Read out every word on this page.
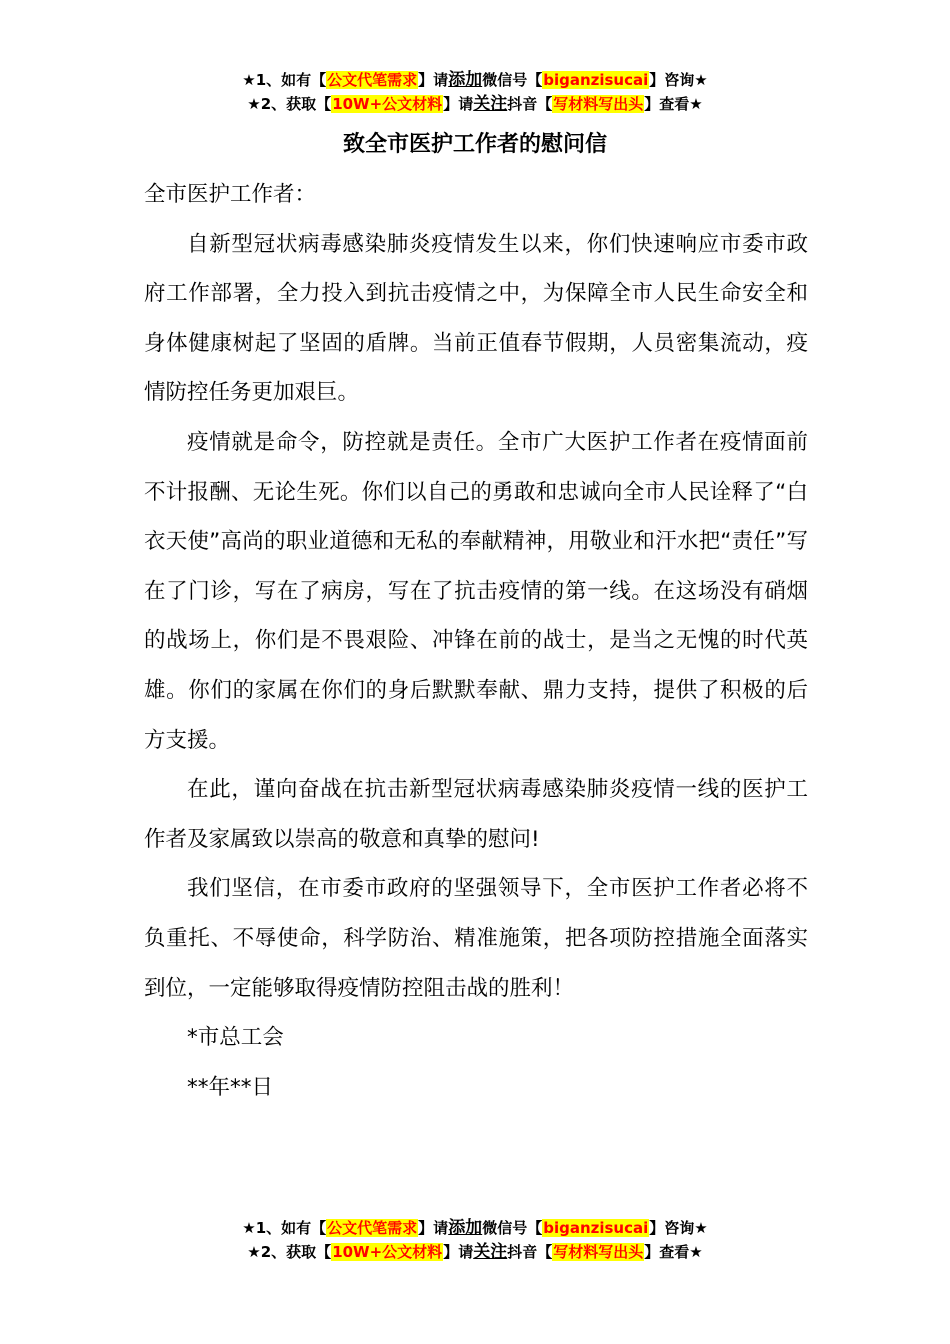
★1、如有【公文代笔需求】请添加微信号【biganzisucai】咨询★
★2、获取【10W+公文材料】请关注抖音【写材料写出头】查看★
致全市医护工作者的慰问信

全市医护工作者：

自新型冠状病毒感染肺炎疫情发生以来，你们快速响应市委市政府工作部署，全力投入到抗击疫情之中，为保障全市人民生命安全和身体健康树起了坚固的盾牌。当前正值春节假期，人员密集流动，疫情防控任务更加艰巨。

疫情就是命令，防控就是责任。全市广大医护工作者在疫情面前不计报酬、无论生死。你们以自己的勇敢和忠诚向全市人民诠释了“白衣天使”高尚的职业道德和无私的奉献精神，用敬业和汗水把“责任”写在了门诊，写在了病房，写在了抗击疫情的第一线。在这场没有硝烟的战场上，你们是不畏艰险、冲锋在前的战士，是当之无愧的时代英雄。你们的家属在你们的身后默默奉献、鼎力支持，提供了积极的后方支援。

在此，谨向奋战在抗击新型冠状病毒感染肺炎疫情一线的医护工作者及家属致以崇高的敬意和真挚的慰问!

我们坚信，在市委市政府的坚强领导下，全市医护工作者必将不负重托、不辱使命，科学防治、精准施策，把各项防控措施全面落实到位，一定能够取得疫情防控阻击战的胜利！

*市总工会

**年**日

★1、如有【公文代笔需求】请添加微信号【biganzisucai】咨询★
★2、获取【10W+公文材料】请关注抖音【写材料写出头】查看★
